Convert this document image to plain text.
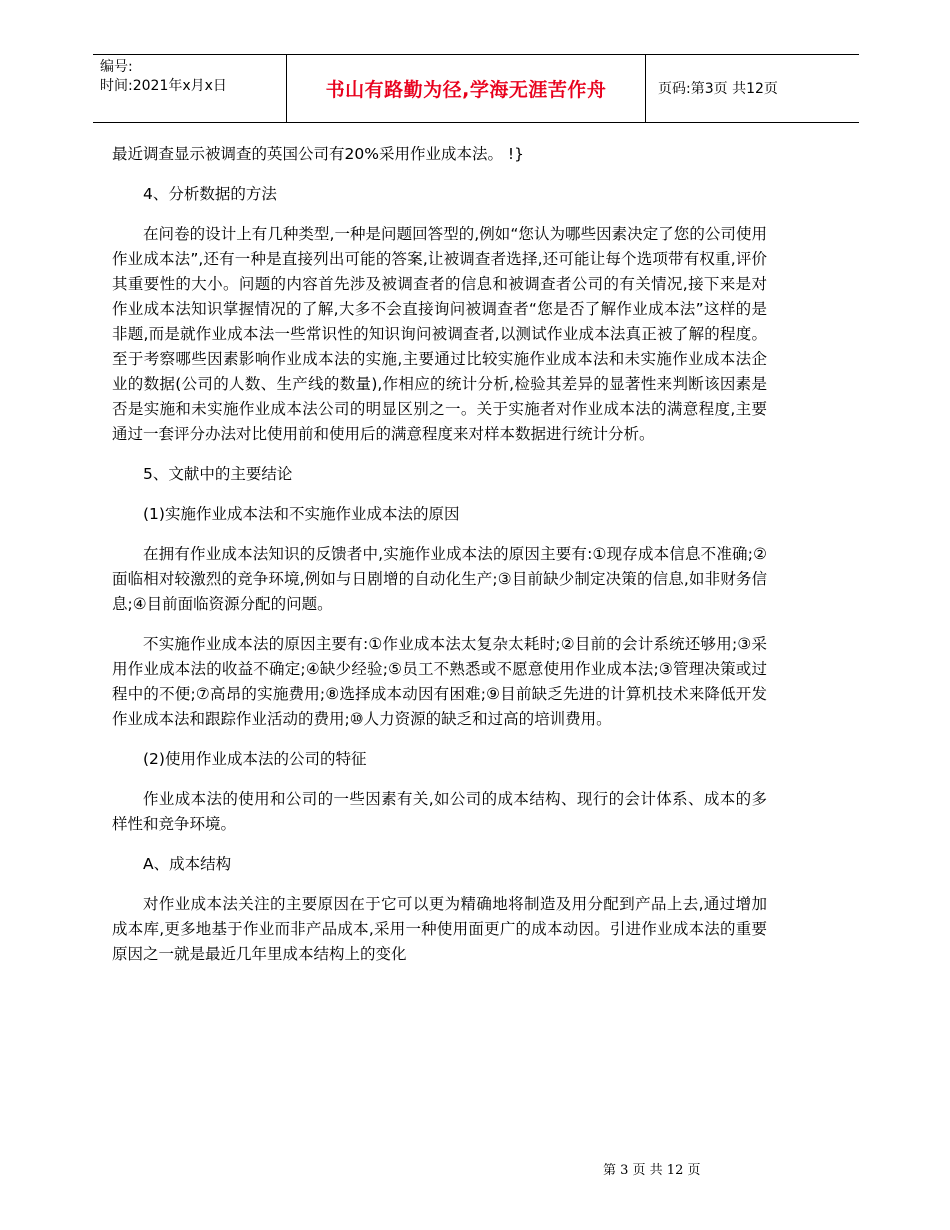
编号:
时间:2021年x月x日	书山有路勤为径,学海无涯苦作舟	页码:第3页 共12页

最近调查显示被调查的英国公司有20%采用作业成本法。 !}

4、分析数据的方法

在问卷的设计上有几种类型,一种是问题回答型的,例如“您认为哪些因素决定了您的公司使用作业成本法”,还有一种是直接列出可能的答案,让被调查者选择,还可能让每个选项带有权重,评价其重要性的大小。问题的内容首先涉及被调查者的信息和被调查者公司的有关情况,接下来是对作业成本法知识掌握情况的了解,大多不会直接询问被调查者“您是否了解作业成本法”这样的是非题,而是就作业成本法一些常识性的知识询问被调查者,以测试作业成本法真正被了解的程度。至于考察哪些因素影响作业成本法的实施,主要通过比较实施作业成本法和未实施作业成本法企业的数据(公司的人数、生产线的数量),作相应的统计分析,检验其差异的显著性来判断该因素是否是实施和未实施作业成本法公司的明显区别之一。关于实施者对作业成本法的满意程度,主要通过一套评分办法对比使用前和使用后的满意程度来对样本数据进行统计分析。

5、文献中的主要结论

(1)实施作业成本法和不实施作业成本法的原因

在拥有作业成本法知识的反馈者中,实施作业成本法的原因主要有:①现存成本信息不准确;②面临相对较激烈的竞争环境,例如与日剧增的自动化生产;③目前缺少制定决策的信息,如非财务信息;④目前面临资源分配的问题。

不实施作业成本法的原因主要有:①作业成本法太复杂太耗时;②目前的会计系统还够用;③采用作业成本法的收益不确定;④缺少经验;⑤员工不熟悉或不愿意使用作业成本法;③管理决策或过程中的不便;⑦高昂的实施费用;⑧选择成本动因有困难;⑨目前缺乏先进的计算机技术来降低开发作业成本法和跟踪作业活动的费用;⑩人力资源的缺乏和过高的培训费用。

(2)使用作业成本法的公司的特征

作业成本法的使用和公司的一些因素有关,如公司的成本结构、现行的会计体系、成本的多样性和竞争环境。

A、成本结构

对作业成本法关注的主要原因在于它可以更为精确地将制造及用分配到产品上去,通过增加成本库,更多地基于作业而非产品成本,采用一种使用面更广的成本动因。引进作业成本法的重要原因之一就是最近几年里成本结构上的变化

第 3 页 共 12 页
